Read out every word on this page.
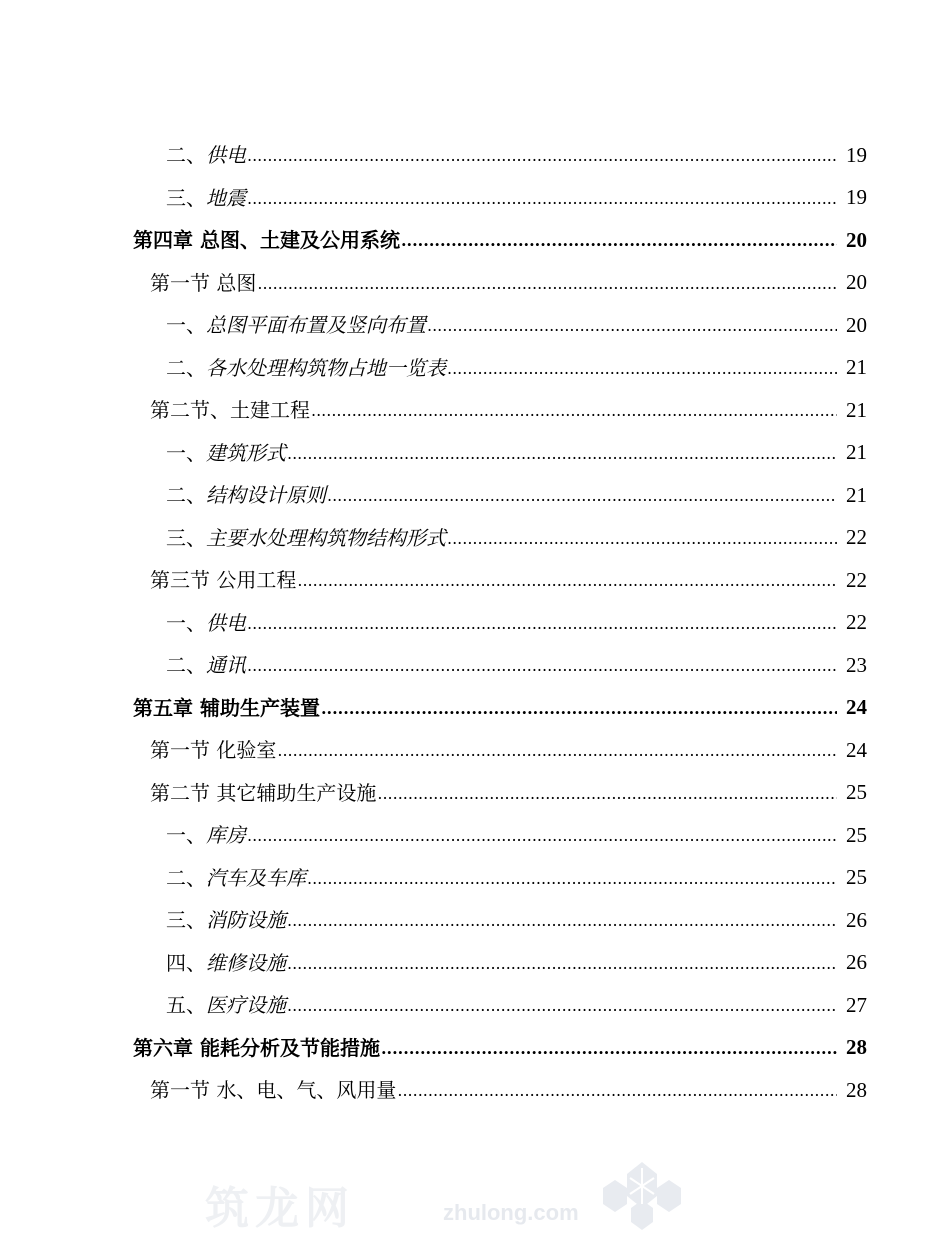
二、 供电 .....	19
三、 地震 .....	19
第四章 总图、土建及公用系统 .....	20
第一节 总图 .....	20
一、 总图平面布置及竖向布置 .....	20
二、 各水处理构筑物占地一览表 .....	21
第二节、土建工程 .....	21
一、 建筑形式 .....	21
二、 结构设计原则 .....	21
三、 主要水处理构筑物结构形式 .....	22
第三节 公用工程 .....	22
一、 供电 .....	22
二、 通讯 .....	23
第五章 辅助生产装置 .....	24
第一节 化验室 .....	24
第二节 其它辅助生产设施 .....	25
一、 库房 .....	25
二、 汽车及车库 .....	25
三、 消防设施 .....	26
四、 维修设施 .....	26
五、 医疗设施 .....	27
第六章 能耗分析及节能措施 .....	28
第一节 水、电、气、风用量 .....	28
筑龙网	zhulong.com
